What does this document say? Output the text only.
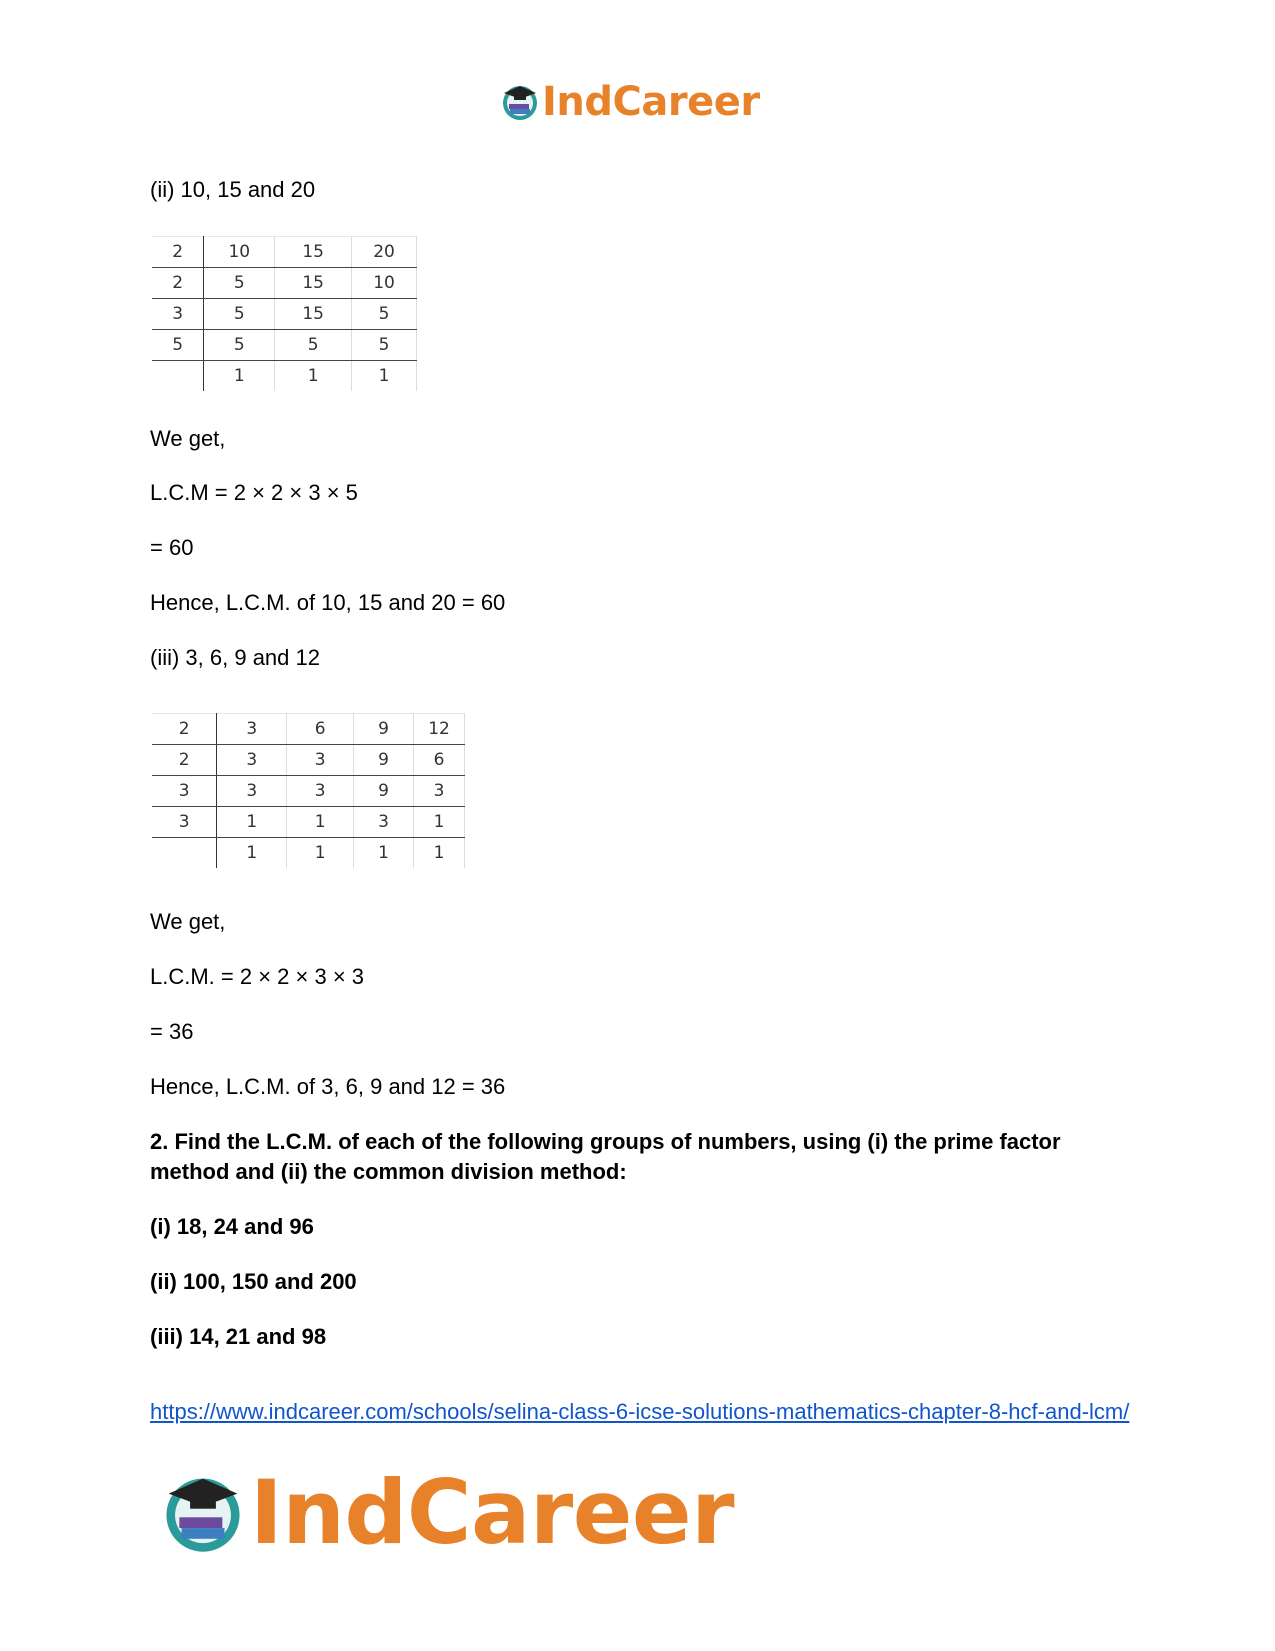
IndCareer
(ii) 10, 15 and 20
2	10	15	20
2	5	15	10
3	5	15	5
5	5	5	5
	1	1	1
We get,
L.C.M = 2 × 2 × 3 × 5
= 60
Hence, L.C.M. of 10, 15 and 20 = 60
(iii) 3, 6, 9 and 12
2	3	6	9	12
2	3	3	9	6
3	3	3	9	3
3	1	1	3	1
	1	1	1	1
We get,
L.C.M. = 2 × 2 × 3 × 3
= 36
Hence, L.C.M. of 3, 6, 9 and 12 = 36
2. Find the L.C.M. of each of the following groups of numbers, using (i) the prime factor
method and (ii) the common division method:
(i) 18, 24 and 96
(ii) 100, 150 and 200
(iii) 14, 21 and 98
https://www.indcareer.com/schools/selina-class-6-icse-solutions-mathematics-chapter-8-hcf-and-lcm/
IndCareer
